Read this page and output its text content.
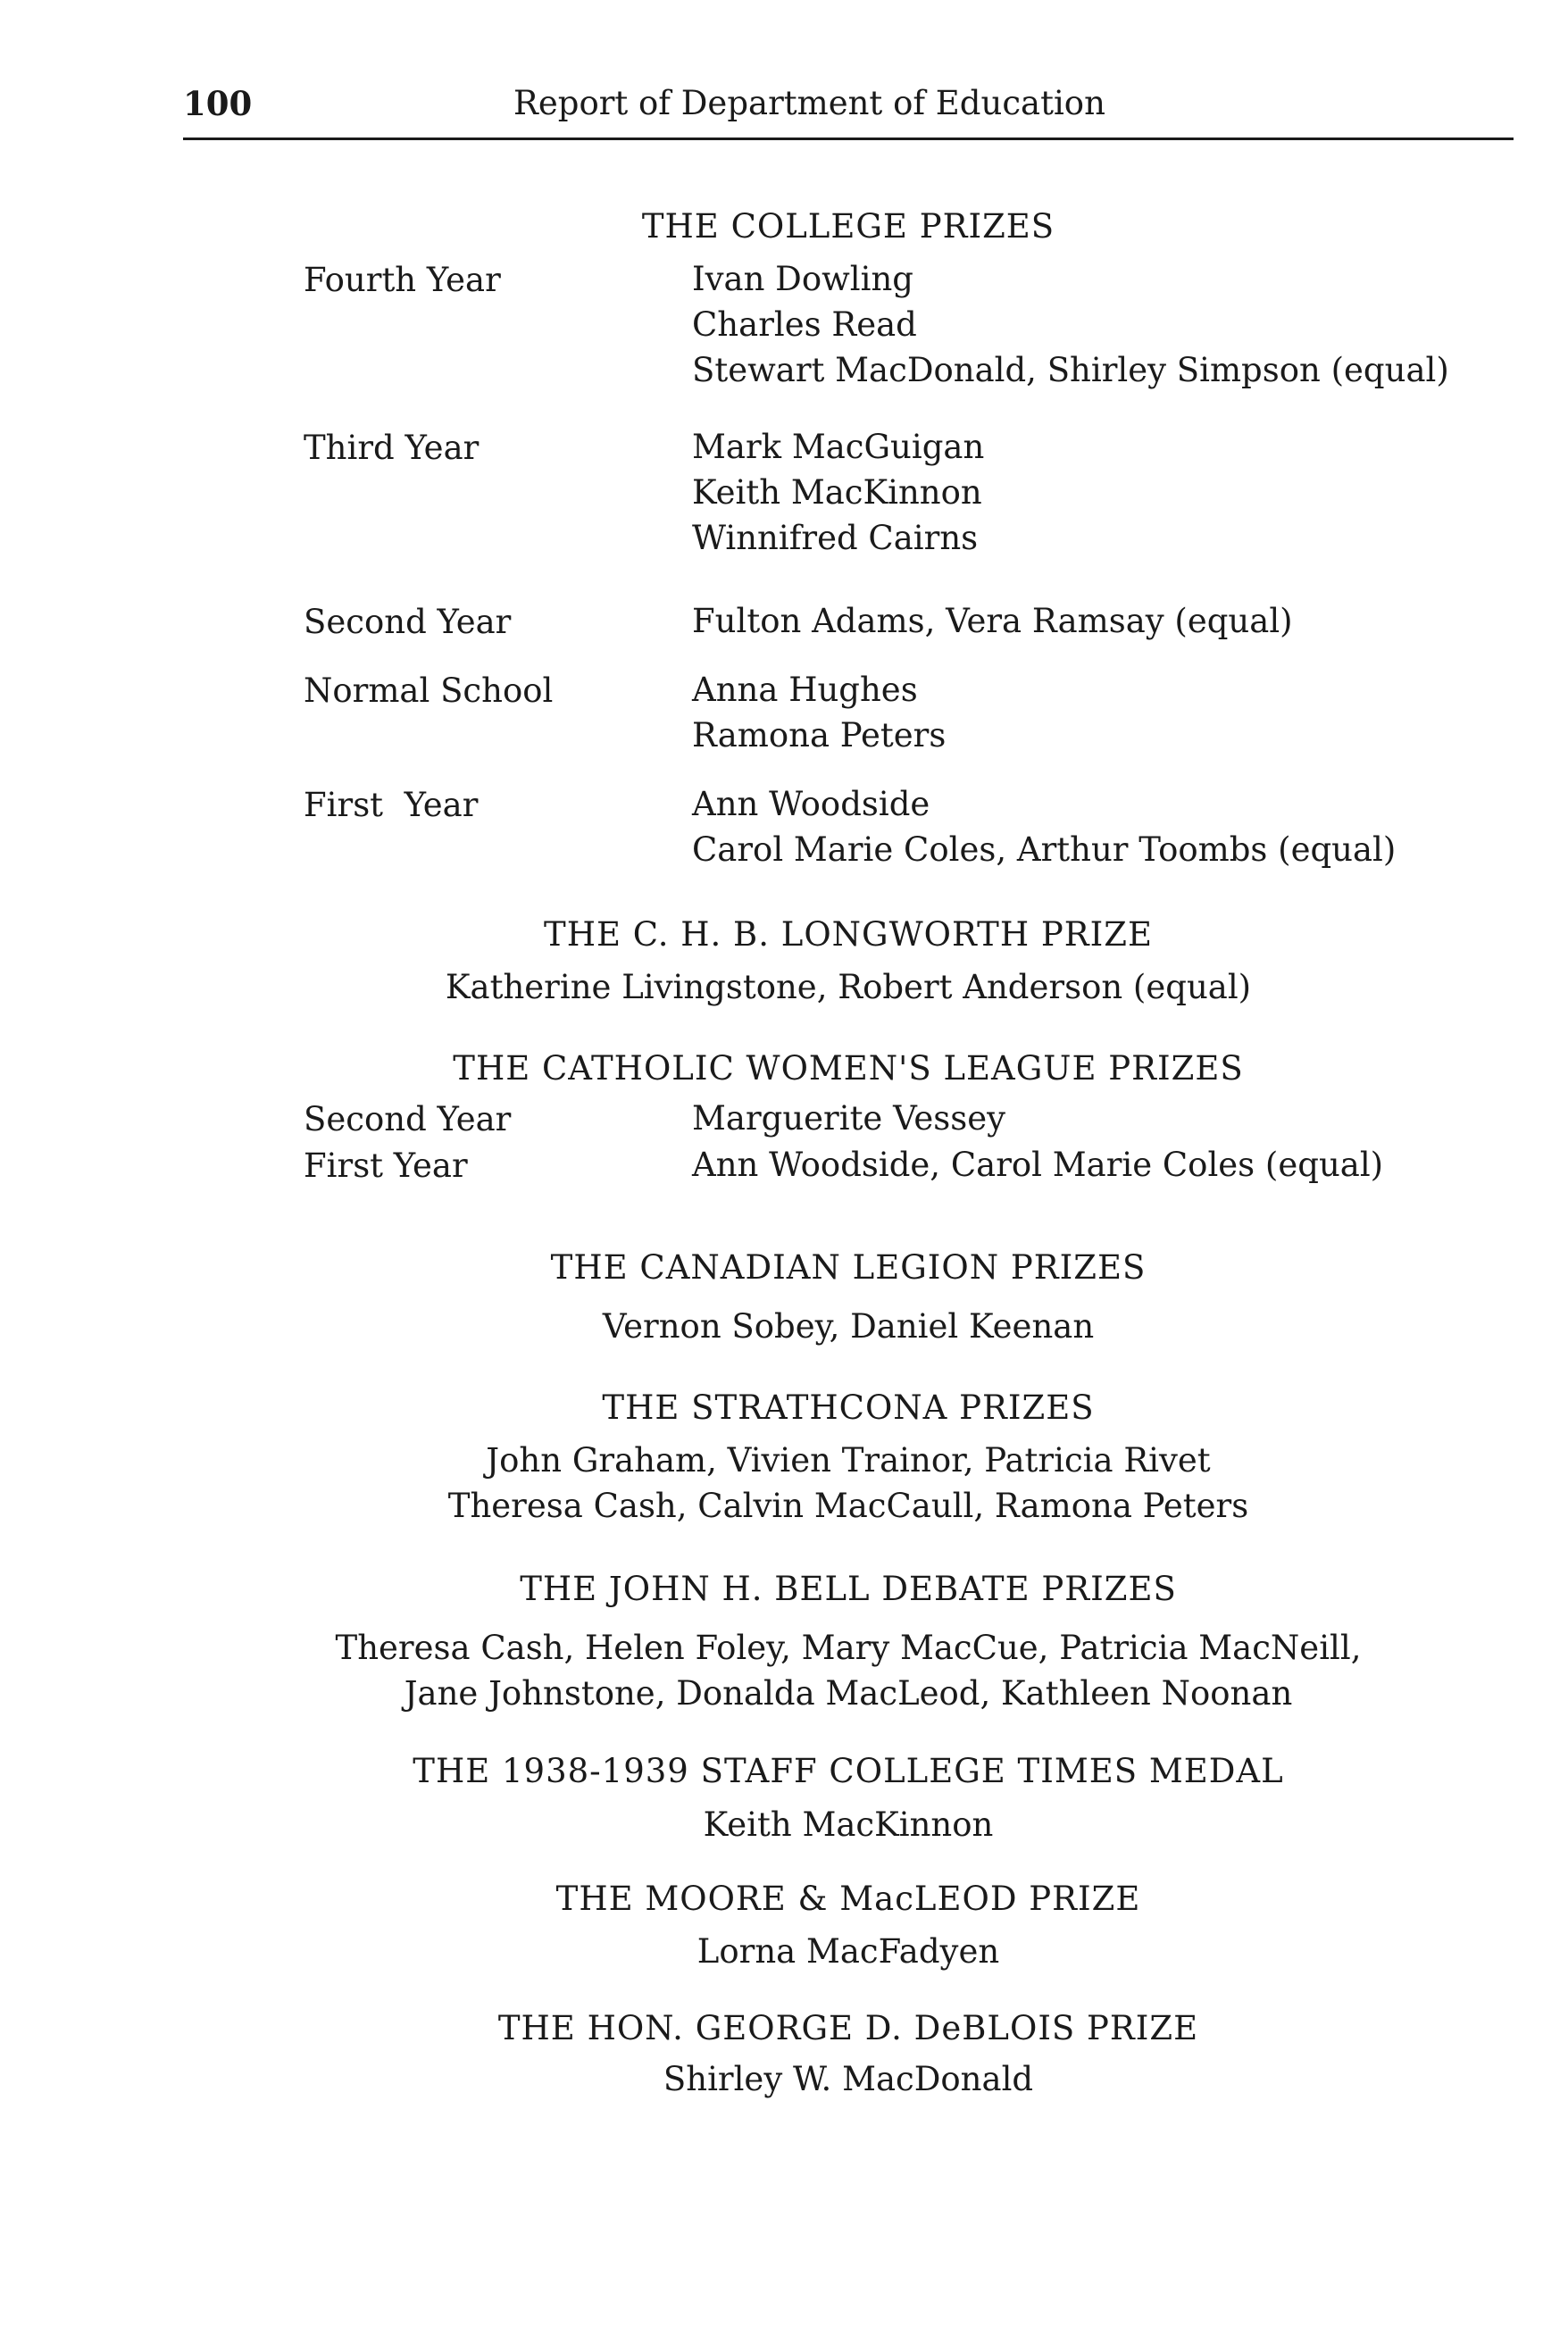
100	Report of Department of Education
THE COLLEGE PRIZES
Fourth Year	Ivan Dowling
Charles Read
Stewart MacDonald, Shirley Simpson (equal)
Third Year	Mark MacGuigan
Keith MacKinnon
Winnifred Cairns
Second Year	Fulton Adams, Vera Ramsay (equal)
Normal School	Anna Hughes
Ramona Peters
First  Year	Ann Woodside
Carol Marie Coles, Arthur Toombs (equal)
THE C. H. B. LONGWORTH PRIZE
Katherine Livingstone, Robert Anderson (equal)
THE CATHOLIC WOMEN'S LEAGUE PRIZES
Second Year	Marguerite Vessey
First Year	Ann Woodside, Carol Marie Coles (equal)
THE CANADIAN LEGION PRIZES
Vernon Sobey, Daniel Keenan
THE STRATHCONA PRIZES
John Graham, Vivien Trainor, Patricia Rivet
Theresa Cash, Calvin MacCaull, Ramona Peters
THE JOHN H. BELL DEBATE PRIZES
Theresa Cash, Helen Foley, Mary MacCue, Patricia MacNeill,
Jane Johnstone, Donalda MacLeod, Kathleen Noonan
THE 1938-1939 STAFF COLLEGE TIMES MEDAL
Keith MacKinnon
THE MOORE & MacLEOD PRIZE
Lorna MacFadyen
THE HON. GEORGE D. DeBLOIS PRIZE
Shirley W. MacDonald
